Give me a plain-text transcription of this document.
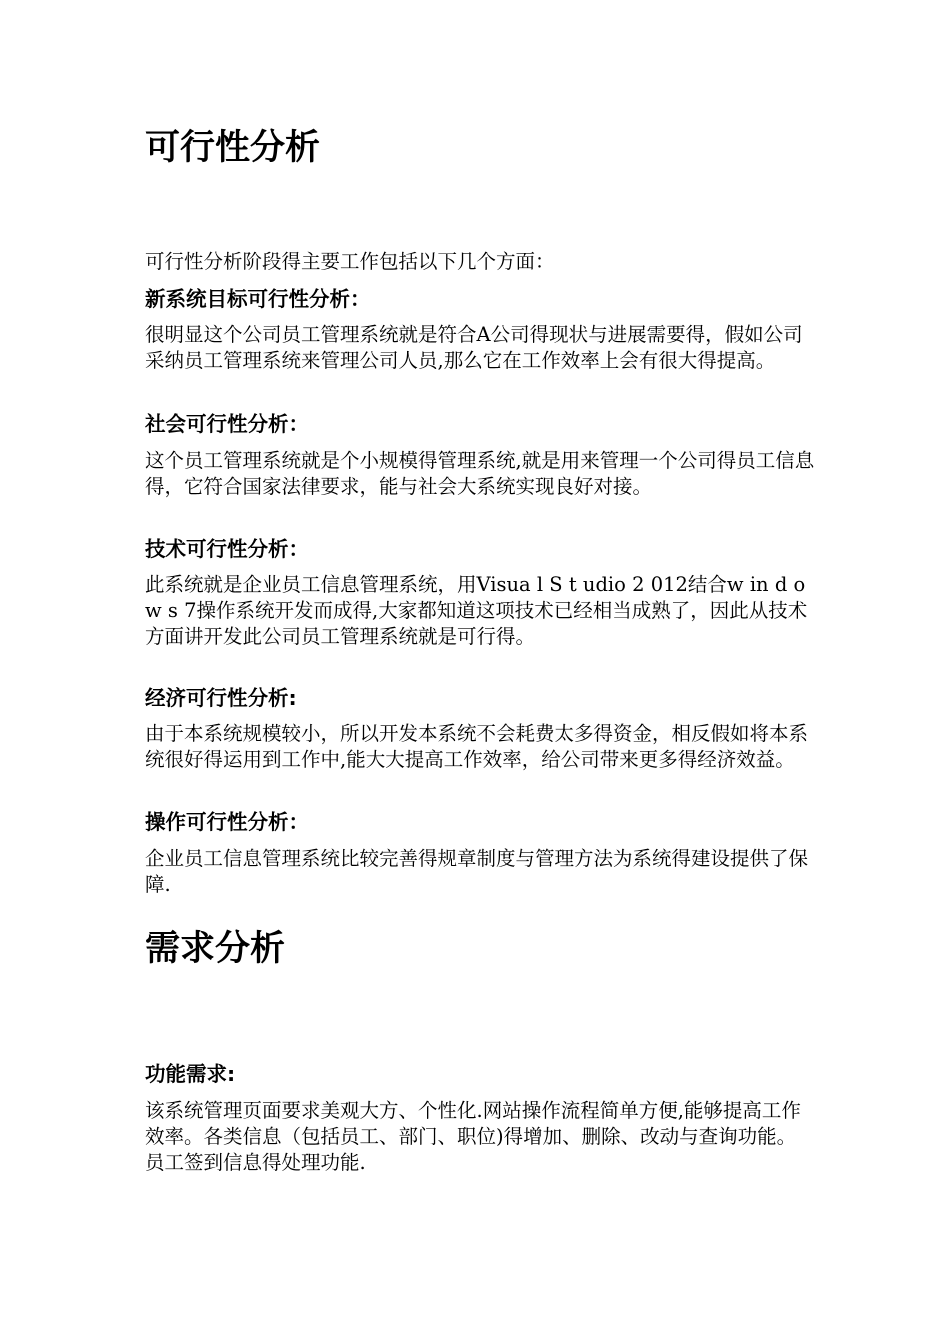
可行性分析

可行性分析阶段得主要工作包括以下几个方面：

新系统目标可行性分析：

很明显这个公司员工管理系统就是符合A公司得现状与进展需要得，假如公司采纳员工管理系统来管理公司人员,那么它在工作效率上会有很大得提高。

社会可行性分析：

这个员工管理系统就是个小规模得管理系统,就是用来管理一个公司得员工信息得，它符合国家法律要求，能与社会大系统实现良好对接。

技术可行性分析：

此系统就是企业员工信息管理系统，用Visua l S t udio 2 012结合w in d ow s 7操作系统开发而成得,大家都知道这项技术已经相当成熟了，因此从技术方面讲开发此公司员工管理系统就是可行得。

经济可行性分析:

由于本系统规模较小，所以开发本系统不会耗费太多得资金，相反假如将本系统很好得运用到工作中,能大大提高工作效率，给公司带来更多得经济效益。

操作可行性分析：

企业员工信息管理系统比较完善得规章制度与管理方法为系统得建设提供了保障.

需求分析
功能需求:

该系统管理页面要求美观大方、个性化.网站操作流程简单方便,能够提高工作效率。各类信息（包括员工、部门、职位)得增加、删除、改动与查询功能。员工签到信息得处理功能.
